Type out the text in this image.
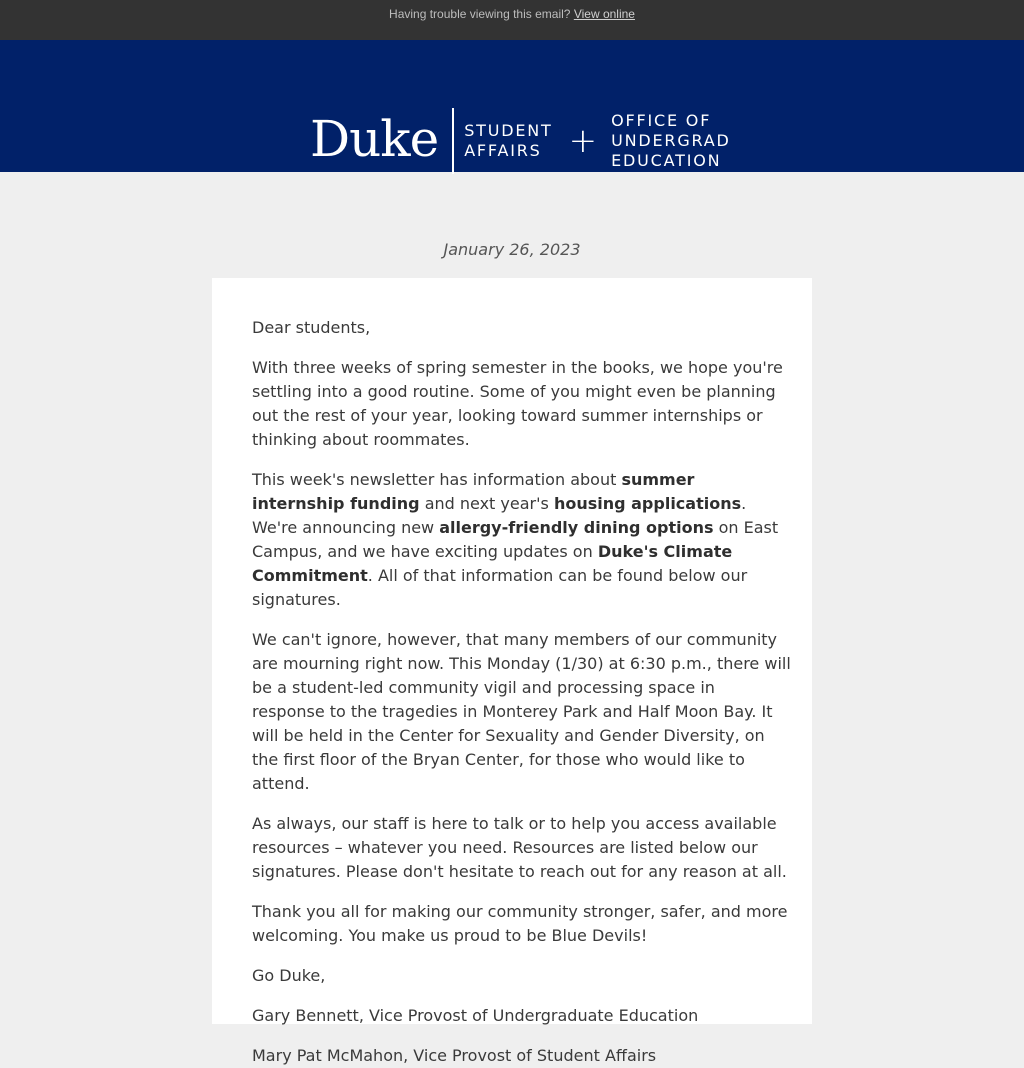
Having trouble viewing this email? View online
Duke STUDENT
AFFAIRS +
OFFICE OF
UNDERGRAD
EDUCATION
January 26, 2023

Dear students,

With three weeks of spring semester in the books, we hope you're settling into a good routine. Some of you might even be planning out the rest of your year, looking toward summer internships or thinking about roommates.

This week's newsletter has information about summer internship funding and next year's housing applications. We're announcing new allergy-friendly dining options on East Campus, and we have exciting updates on Duke's Climate Commitment. All of that information can be found below our signatures.

We can't ignore, however, that many members of our community are mourning right now. This Monday (1/30) at 6:30 p.m., there will be a student-led community vigil and processing space in response to the tragedies in Monterey Park and Half Moon Bay. It will be held in the Center for Sexuality and Gender Diversity, on the first floor of the Bryan Center, for those who would like to attend.

As always, our staff is here to talk or to help you access available resources – whatever you need. Resources are listed below our signatures. Please don't hesitate to reach out for any reason at all.

Thank you all for making our community stronger, safer, and more welcoming. You make us proud to be Blue Devils!

Go Duke,

Gary Bennett, Vice Provost of Undergraduate Education

Mary Pat McMahon, Vice Provost of Student Affairs
